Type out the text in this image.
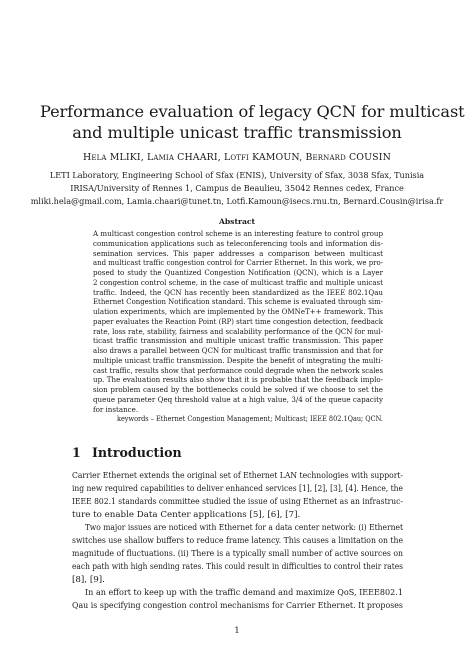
Performance evaluation of legacy QCN for multicast
and multiple unicast traffic transmission
Hela MLIKI, Lamia CHAARI, Lotfi KAMOUN, Bernard COUSIN
LETI Laboratory, Engineering School of Sfax (ENIS), University of Sfax, 3038 Sfax, Tunisia
IRISA/University of Rennes 1, Campus de Beaulieu, 35042 Rennes cedex, France
mliki.hela@gmail.com, Lamia.chaari@tunet.tn, Lotfi.Kamoun@isecs.rnu.tn, Bernard.Cousin@irisa.fr
Abstract
A multicast congestion control scheme is an interesting feature to control group
communication applications such as teleconferencing tools and information dis-
semination services. This paper addresses a comparison between multicast
and multicast traffic congestion control for Carrier Ethernet. In this work, we pro-
posed to study the Quantized Congestion Notification (QCN), which is a Layer
2 congestion control scheme, in the case of multicast traffic and multiple unicast
traffic. Indeed, the QCN has recently been standardized as the IEEE 802.1Qau
Ethernet Congestion Notification standard. This scheme is evaluated through sim-
ulation experiments, which are implemented by the OMNeT++ framework. This
paper evaluates the Reaction Point (RP) start time congestion detection, feedback
rate, loss rate, stability, fairness and scalability performance of the QCN for mul-
ticast traffic transmission and multiple unicast traffic transmission. This paper
also draws a parallel between QCN for multicast traffic transmission and that for
multiple unicast traffic transmission. Despite the benefit of integrating the multi-
cast traffic, results show that performance could degrade when the network scales
up. The evaluation results also show that it is probable that the feedback implo-
sion problem caused by the bottlenecks could be solved if we choose to set the
queue parameter Qeq threshold value at a high value, 3/4 of the queue capacity
for instance.
keywords – Ethernet Congestion Management; Multicast; IEEE 802.1Qau; QCN.
1 Introduction
Carrier Ethernet extends the original set of Ethernet LAN technologies with support-
ing new required capabilities to deliver enhanced services [1], [2], [3], [4]. Hence, the
IEEE 802.1 standards committee studied the issue of using Ethernet as an infrastruc-
ture to enable Data Center applications [5], [6], [7].
Two major issues are noticed with Ethernet for a data center network: (i) Ethernet
switches use shallow buffers to reduce frame latency. This causes a limitation on the
magnitude of fluctuations. (ii) There is a typically small number of active sources on
each path with high sending rates. This could result in difficulties to control their rates
[8], [9].
In an effort to keep up with the traffic demand and maximize QoS, IEEE802.1
Qau is specifying congestion control mechanisms for Carrier Ethernet. It proposes
1
